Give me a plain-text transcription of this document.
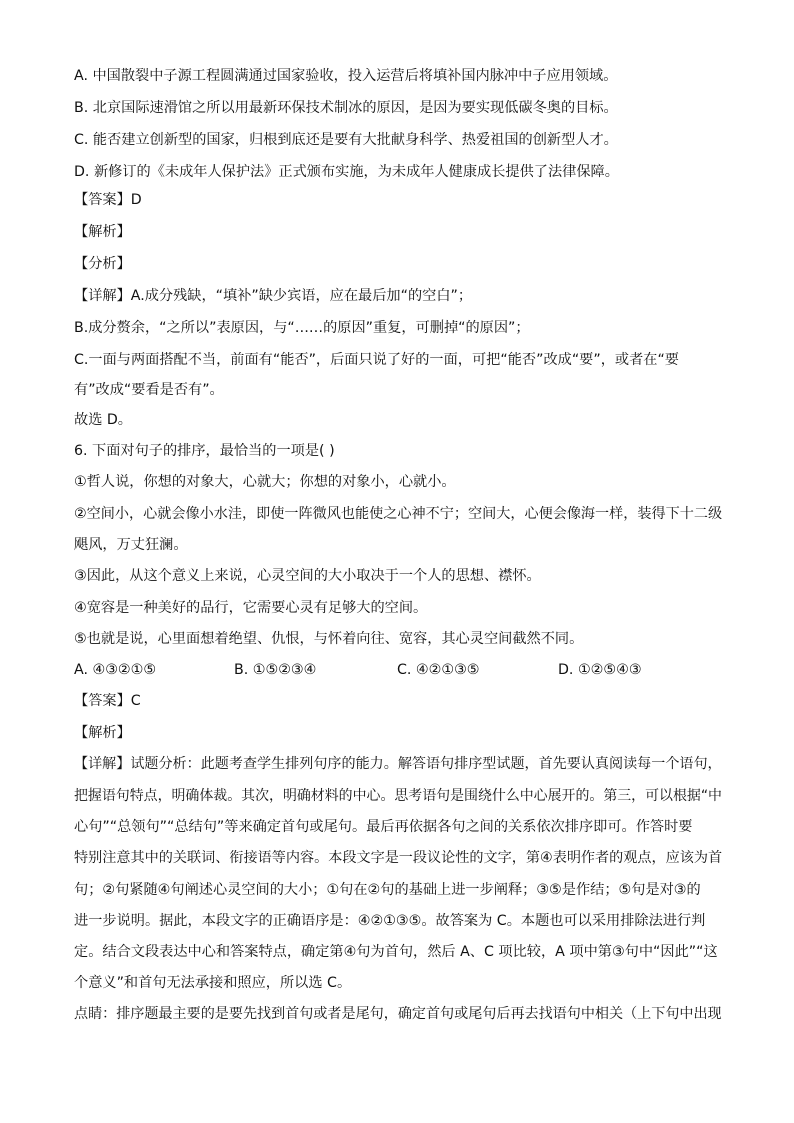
A. 中国散裂中子源工程圆满通过国家验收，投入运营后将填补国内脉冲中子应用领域。
B. 北京国际速滑馆之所以用最新环保技术制冰的原因，是因为要实现低碳冬奥的目标。
C. 能否建立创新型的国家，归根到底还是要有大批献身科学、热爱祖国的创新型人才。
D. 新修订的《未成年人保护法》正式颁布实施，为未成年人健康成长提供了法律保障。
【答案】D
【解析】
【分析】
【详解】A.成分残缺，“填补”缺少宾语，应在最后加“的空白”；
B.成分赘余，“之所以”表原因，与“……的原因”重复，可删掉“的原因”；
C.一面与两面搭配不当，前面有“能否”，后面只说了好的一面，可把“能否”改成“要”，或者在“要
有”改成“要看是否有”。
故选 D。
6. 下面对句子的排序，最恰当的一项是( )
①哲人说，你想的对象大，心就大；你想的对象小，心就小。
②空间小，心就会像小水洼，即使一阵微风也能使之心神不宁；空间大，心便会像海一样，装得下十二级
飓风，万丈狂澜。
③因此，从这个意义上来说，心灵空间的大小取决于一个人的思想、襟怀。
④宽容是一种美好的品行，它需要心灵有足够大的空间。
⑤也就是说，心里面想着绝望、仇恨，与怀着向往、宽容，其心灵空间截然不同。
A. ④③②①⑤	B. ①⑤②③④	C. ④②①③⑤	D. ①②⑤④③
【答案】C
【解析】
【详解】试题分析：此题考查学生排列句序的能力。解答语句排序型试题，首先要认真阅读每一个语句，
把握语句特点，明确体裁。其次，明确材料的中心。思考语句是围绕什么中心展开的。第三，可以根据“中
心句”“总领句”“总结句”等来确定首句或尾句。最后再依据各句之间的关系依次排序即可。作答时要
特别注意其中的关联词、衔接语等内容。本段文字是一段议论性的文字，第④表明作者的观点，应该为首
句；②句紧随④句阐述心灵空间的大小；①句在②句的基础上进一步阐释；③⑤是作结；⑤句是对③的
进一步说明。据此，本段文字的正确语序是：④②①③⑤。故答案为 C。本题也可以采用排除法进行判
定。结合文段表达中心和答案特点，确定第④句为首句，然后 A、C 项比较，A 项中第③句中“因此”“这
个意义”和首句无法承接和照应，所以选 C。
点睛：排序题最主要的是要先找到首句或者是尾句，确定首句或尾句后再去找语句中相关（上下句中出现
